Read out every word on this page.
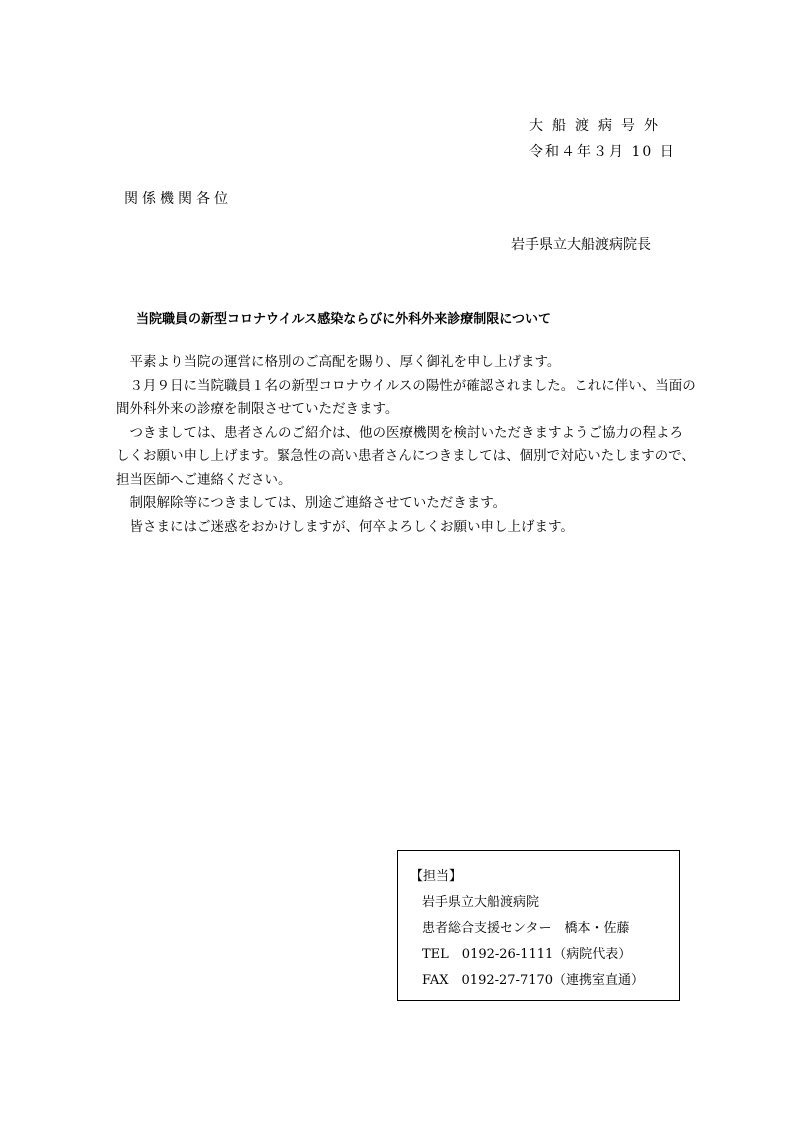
大船渡病号外
令和４年３月 10 日
関係機関各位
岩手県立大船渡病院長
当院職員の新型コロナウイルス感染ならびに外科外来診療制限について

平素より当院の運営に格別のご高配を賜り、厚く御礼を申し上げます。

３月９日に当院職員１名の新型コロナウイルスの陽性が確認されました。これに伴い、当面の間外科外来の診療を制限させていただきます。

つきましては、患者さんのご紹介は、他の医療機関を検討いただきますようご協力の程よろしくお願い申し上げます。緊急性の高い患者さんにつきましては、個別で対応いたしますので、担当医師へご連絡ください。

制限解除等につきましては、別途ご連絡させていただきます。

皆さまにはご迷惑をおかけしますが、何卒よろしくお願い申し上げます。

【担当】
岩手県立大船渡病院
患者総合支援センター　橋本・佐藤
TEL　0192-26-1111（病院代表）
FAX　0192-27-7170（連携室直通）
